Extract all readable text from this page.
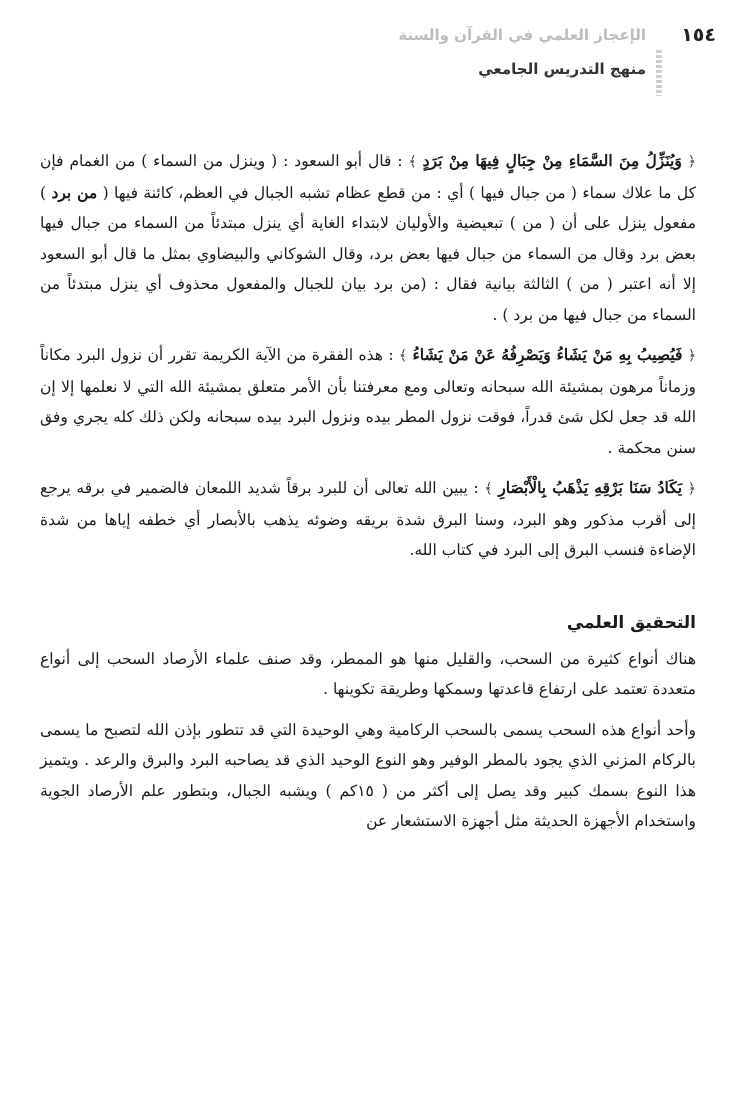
١٥٤
الإعجاز العلمي في القرآن والسنة
منهج التدريس الجامعي

﴿ وَيُنَزِّلُ مِنَ السَّمَاءِ مِنْ جِبَالٍ فِيهَا مِنْ بَرَدٍ ﴾ : قال أبو السعود : ( وينزل من السماء ) من الغمام فإن كل ما علاك سماء ( من جبال فيها ) أي : من قطع عظام تشبه الجبال في العظم، كائنة فيها ( من برد ) مفعول ينزل على أن ( من ) تبعيضية والأوليان لابتداء الغاية أي ينزل مبتدئاً من السماء من جبال فيها بعض برد وقال من السماء من جبال فيها بعض برد، وقال الشوكاني والبيضاوي بمثل ما قال أبو السعود إلا أنه اعتبر ( من ) الثالثة بيانية فقال : (من برد بيان للجبال والمفعول محذوف أي ينزل مبتدئاً من السماء من جبال فيها من برد ) .

﴿ فَيُصِيبُ بِهِ مَنْ يَشَاءُ وَيَصْرِفُهُ عَنْ مَنْ يَشَاءُ ﴾ : هذه الفقرة من الآية الكريمة تقرر أن نزول البرد مكاناً وزماناً مرهون بمشيئة الله سبحانه وتعالى ومع معرفتنا بأن الأمر متعلق بمشيئة الله التي لا نعلمها إلا إن الله قد جعل لكل شئ قدراً، فوقت نزول المطر بيده ونزول البرد بيده سبحانه ولكن ذلك كله يجري وفق سنن محكمة .

﴿ يَكَادُ سَنَا بَرْقِهِ يَذْهَبُ بِالْأَبْصَارِ ﴾ : يبين الله تعالى أن للبرد برقاً شديد اللمعان فالضمير في برقه يرجع إلى أقرب مذكور وهو البرد، وسنا البرق شدة بريقه وضوئه يذهب بالأبصار أي خطفه إياها من شدة الإضاءة فنسب البرق إلى البرد في كتاب الله.

التحقيق العلمي

هناك أنواع كثيرة من السحب، والقليل منها هو الممطر، وقد صنف علماء الأرصاد السحب إلى أنواع متعددة تعتمد على ارتفاع قاعدتها وسمكها وطريقة تكوينها .

وأحد أنواع هذه السحب يسمى بالسحب الركامية وهي الوحيدة التي قد تتطور بإذن الله لتصبح ما يسمى بالركام المزني الذي يجود بالمطر الوفير وهو النوع الوحيد الذي قد يصاحبه البرد والبرق والرعد . ويتميز هذا النوع بسمك كبير وقد يصل إلى أكثر من ( ١٥كم ) ويشبه الجبال، وبتطور علم الأرصاد الجوية واستخدام الأجهزة الحديثة مثل أجهزة الاستشعار عن
